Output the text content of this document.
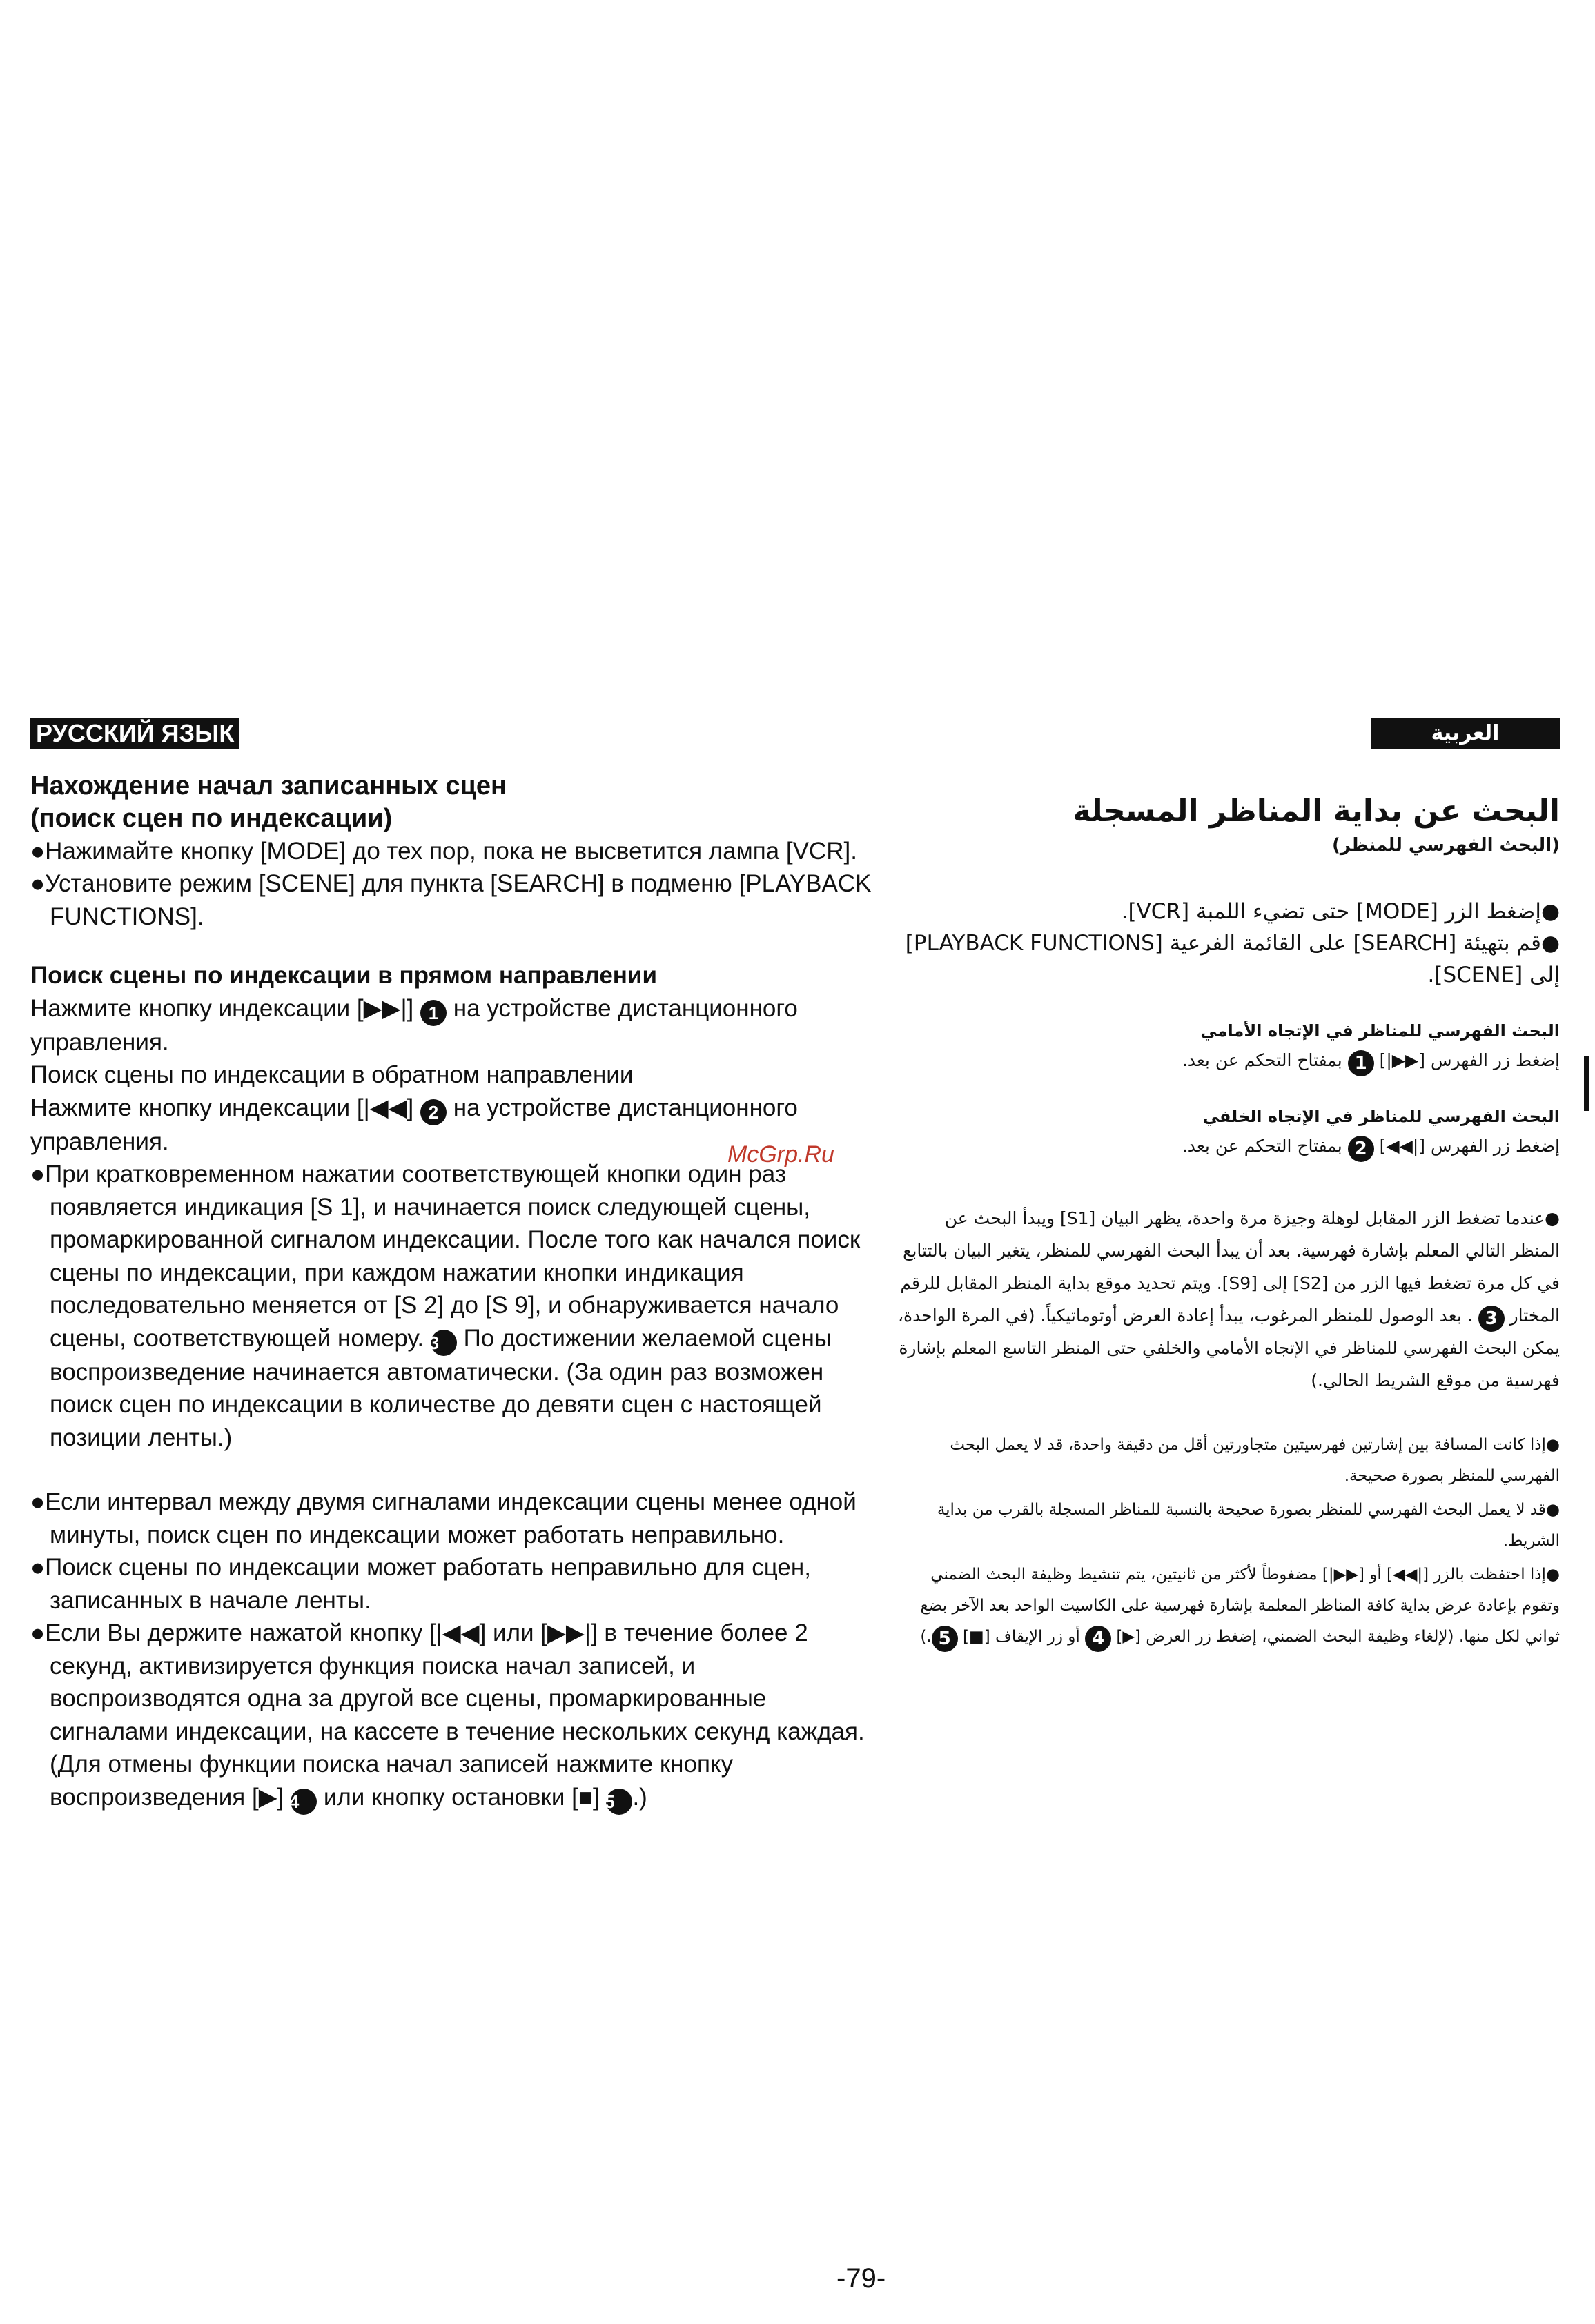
РУССКИЙ ЯЗЫК
Нахождение начал записанных сцен
(поиск сцен по индексации)

●Нажимайте кнопку [MODE] до тех пор, пока не высветится лампа [VCR].

●Установите режим [SCENE] для пункта [SEARCH] в подменю [PLAYBACK FUNCTIONS].

Поиск сцены по индексации в прямом направлении

Нажмите кнопку индексации [▶▶|] 1 на устройстве дистанционного управления.

Поиск сцены по индексации в обратном направлении

Нажмите кнопку индексации [|◀◀] 2 на устройстве дистанционного управления.

●При кратковременном нажатии соответствующей кнопки один раз появляется индикация [S 1], и начинается поиск следующей сцены, промаркированной сигналом индексации. После того как начался поиск сцены по индексации, при каждом нажатии кнопки индикация последовательно меняется от [S 2] до [S 9], и обнаруживается начало сцены, соответствующей номеру. 3 По достижении желаемой сцены воспроизведение начинается автоматически. (За один раз возможен поиск сцен по индексации в количестве до девяти сцен с настоящей позиции ленты.)

●Если интервал между двумя сигналами индексации сцены менее одной минуты, поиск сцен по индексации может работать неправильно.

●Поиск сцены по индексации может работать неправильно для сцен, записанных в начале ленты.

●Если Вы держите нажатой кнопку [|◀◀] или [▶▶|] в течение более 2 секунд, активизируется функция поиска начал записей, и воспроизводятся одна за другой все сцены, промаркированные сигналами индексации, на кассете в течение нескольких секунд каждая. (Для отмены функции поиска начал записей нажмите кнопку воспроизведения [▶] 4 или кнопку остановки [■] 5 .)

العربية
البحث عن بداية المناظر المسجلة

(البحث الفهرسي للمنظر)

●إضغط الزر [MODE] حتى تضيء اللمبة [VCR].
●قم بتهيئة [SEARCH] على القائمة الفرعية [PLAYBACK FUNCTIONS] إلى [SCENE].
البحث الفهرسي للمناظر في الإتجاه الأمامي

إضغط زر الفهرس [▶▶|] 1 بمفتاح التحكم عن بعد.

البحث الفهرسي للمناظر في الإتجاه الخلفي

إضغط زر الفهرس [|◀◀] 2 بمفتاح التحكم عن بعد.

●عندما تضغط الزر المقابل لوهلة وجيزة مرة واحدة، يظهر البيان [S1] ويبدأ البحث عن المنظر التالي المعلم بإشارة فهرسية. بعد أن يبدأ البحث الفهرسي للمنظر، يتغير البيان بالتتابع في كل مرة تضغط فيها الزر من [S2] إلى [S9]. ويتم تحديد موقع بداية المنظر المقابل للرقم المختار 3 . بعد الوصول للمنظر المرغوب، يبدأ إعادة العرض أوتوماتيكياً. (في المرة الواحدة، يمكن البحث الفهرسي للمناظر في الإتجاه الأمامي والخلفي حتى المنظر التاسع المعلم بإشارة فهرسية من موقع الشريط الحالي.)

●إذا كانت المسافة بين إشارتين فهرسيتين متجاورتين أقل من دقيقة واحدة، قد لا يعمل البحث الفهرسي للمنظر بصورة صحيحة.

●قد لا يعمل البحث الفهرسي للمنظر بصورة صحيحة بالنسبة للمناظر المسجلة بالقرب من بداية الشريط.

●إذا احتفظت بالزر [|◀◀] أو [▶▶|] مضغوطاً لأكثر من ثانيتين، يتم تنشيط وظيفة البحث الضمني وتقوم بإعادة عرض بداية كافة المناظر المعلمة بإشارة فهرسية على الكاسيت الواحد بعد الآخر بضع ثواني لكل منها. (لإلغاء وظيفة البحث الضمني، إضغط زر العرض [▶] 4 أو زر الإيقاف [■] 5.)

McGrp.Ru
-79-
